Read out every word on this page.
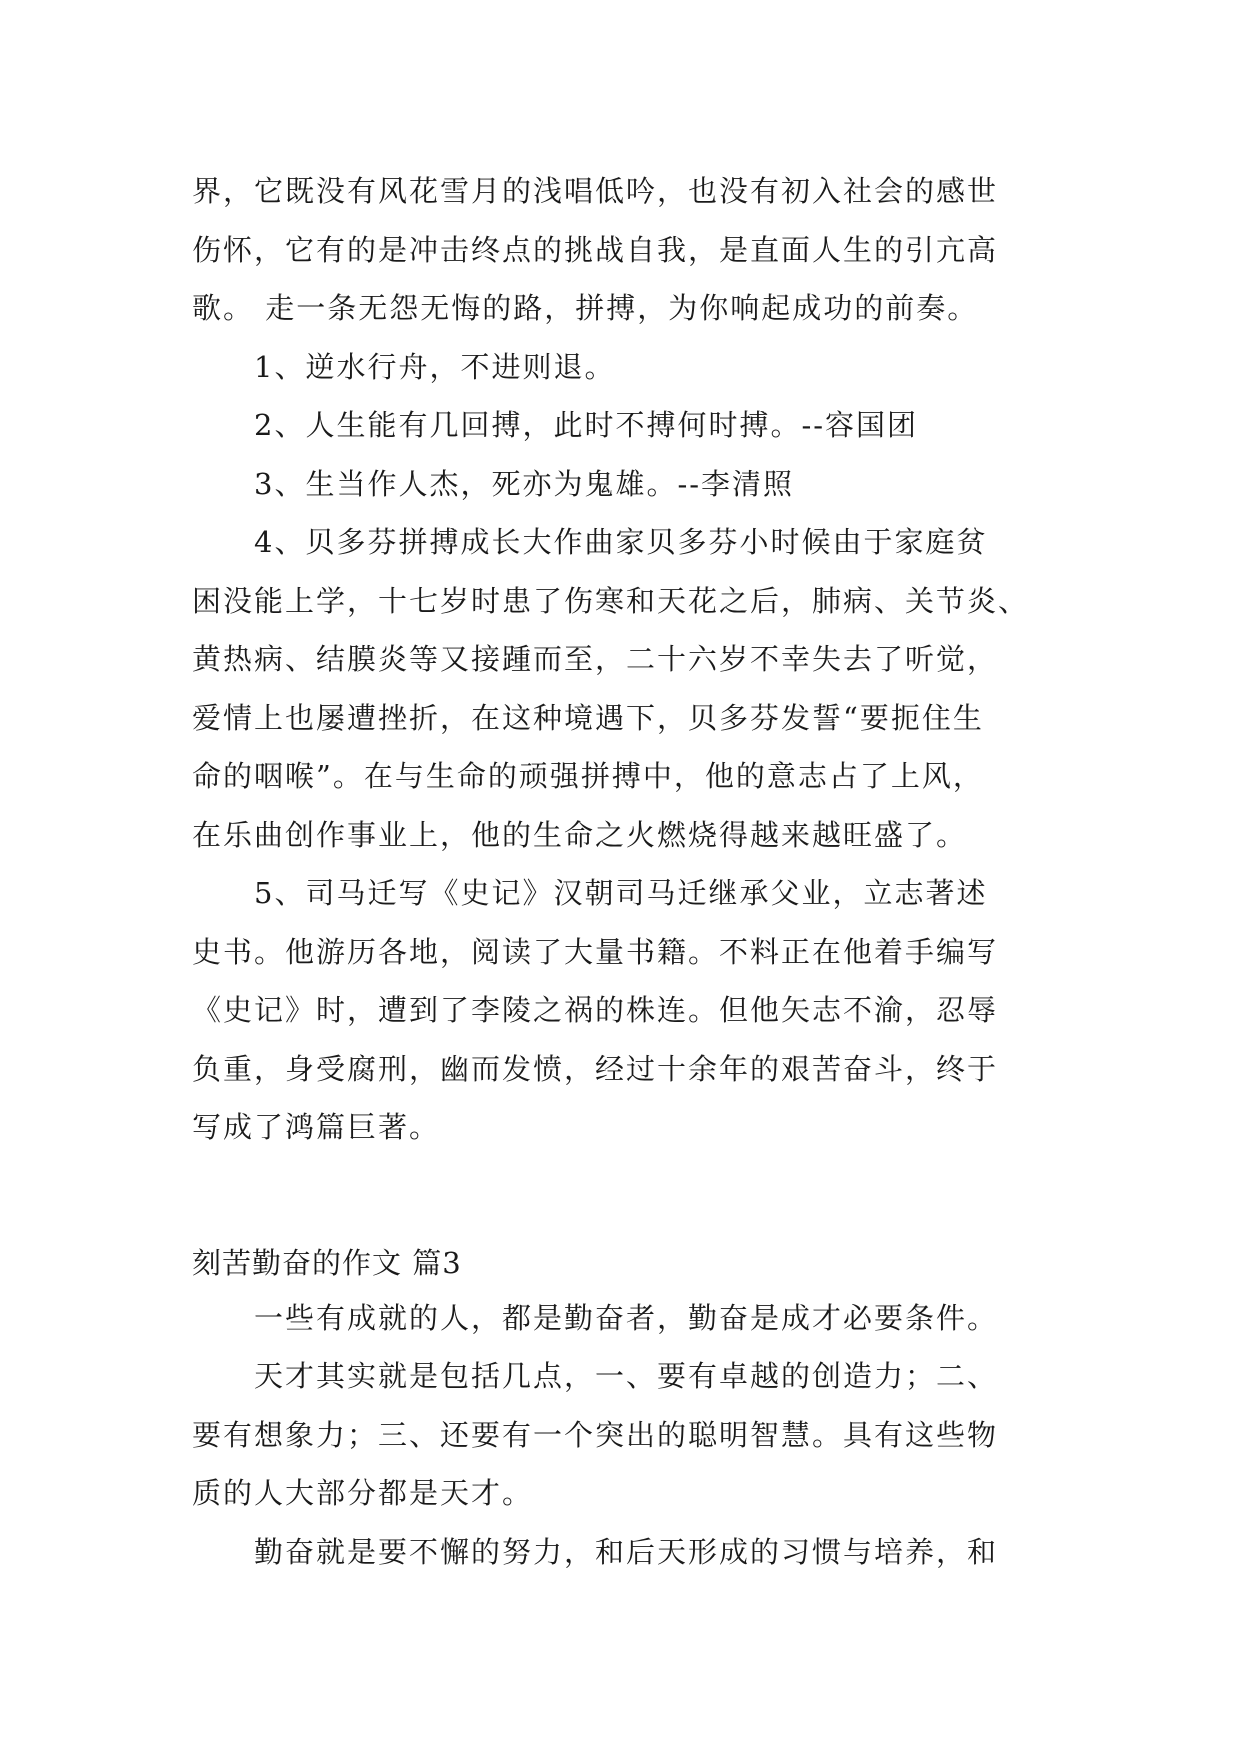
界，它既没有风花雪月的浅唱低吟，也没有初入社会的感世
伤怀，它有的是冲击终点的挑战自我，是直面人生的引亢高
歌。 走一条无怨无悔的路，拼搏，为你响起成功的前奏。
1、逆水行舟，不进则退。
2、人生能有几回搏，此时不搏何时搏。--容国团
3、生当作人杰，死亦为鬼雄。--李清照
4、贝多芬拼搏成长大作曲家贝多芬小时候由于家庭贫
困没能上学，十七岁时患了伤寒和天花之后，肺病、关节炎、
黄热病、结膜炎等又接踵而至，二十六岁不幸失去了听觉，
爱情上也屡遭挫折，在这种境遇下，贝多芬发誓“要扼住生
命的咽喉”。在与生命的顽强拼搏中，他的意志占了上风，
在乐曲创作事业上，他的生命之火燃烧得越来越旺盛了。
5、司马迁写《史记》汉朝司马迁继承父业，立志著述
史书。他游历各地，阅读了大量书籍。不料正在他着手编写
《史记》时，遭到了李陵之祸的株连。但他矢志不渝，忍辱
负重，身受腐刑，幽而发愤，经过十余年的艰苦奋斗，终于
写成了鸿篇巨著。
刻苦勤奋的作文 篇3
一些有成就的人，都是勤奋者，勤奋是成才必要条件。
天才其实就是包括几点，一、要有卓越的创造力；二、
要有想象力；三、还要有一个突出的聪明智慧。具有这些物
质的人大部分都是天才。
勤奋就是要不懈的努力，和后天形成的习惯与培养，和
